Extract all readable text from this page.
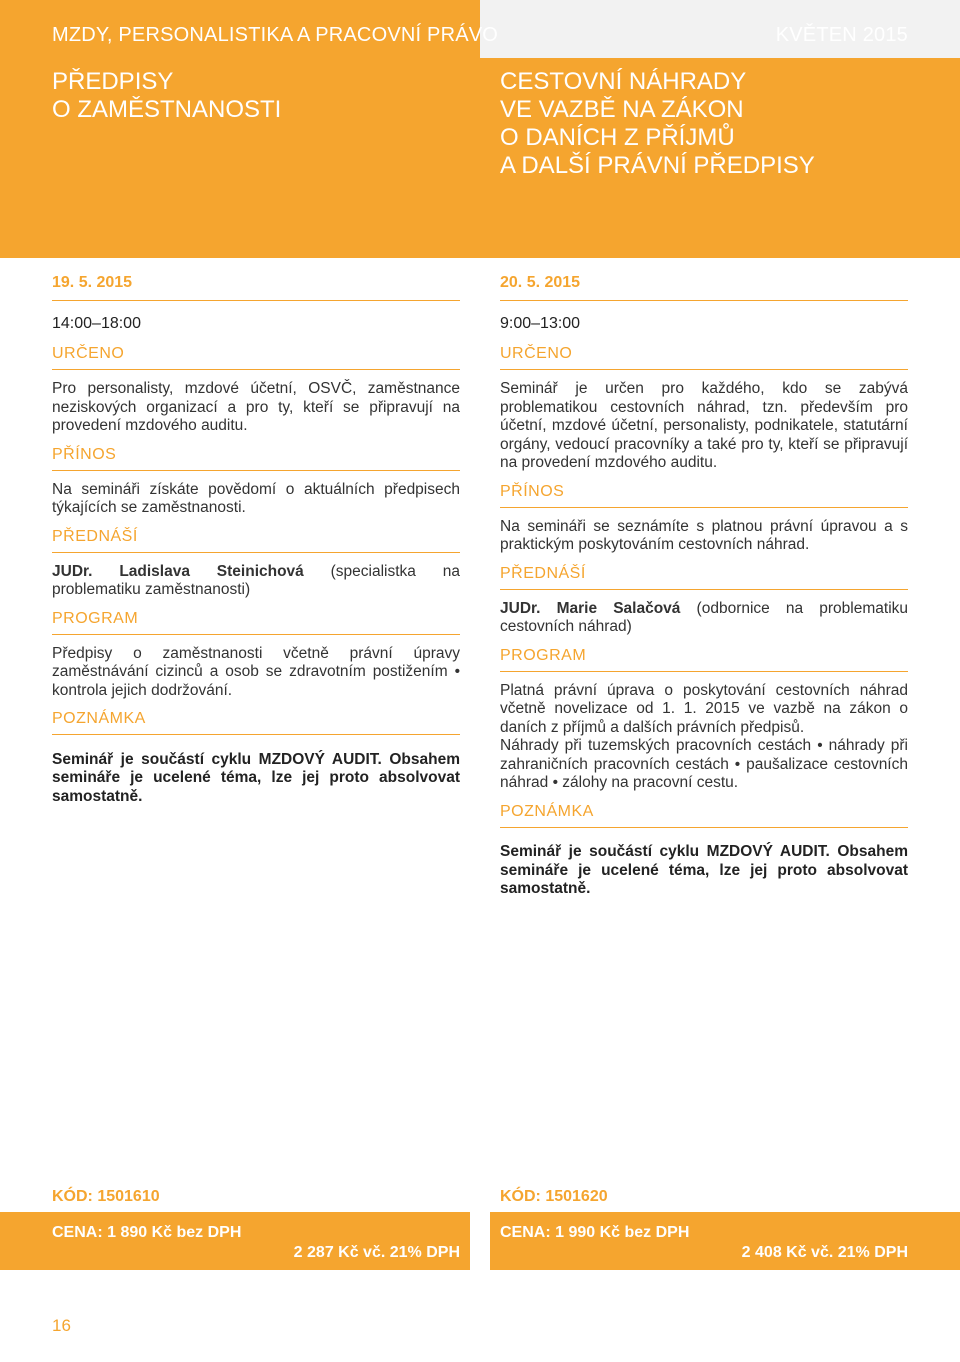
MZDY, PERSONALISTIKA A PRACOVNÍ PRÁVO	KVĚTEN 2015
PŘEDPISY
O ZAMĚSTNANOSTI
CESTOVNÍ NÁHRADY
VE VAZBĚ NA ZÁKON
O DANÍCH Z PŘÍJMŮ
A DALŠÍ PRÁVNÍ PŘEDPISY
19. 5. 2015
14:00–18:00
URČENO

Pro personalisty, mzdové účetní, OSVČ, zaměstnance neziskových organizací a pro ty, kteří se připravují na provedení mzdového auditu.

PŘÍNOS

Na semináři získáte povědomí o aktuálních předpisech týkajících se zaměstnanosti.

PŘEDNÁŠÍ

JUDr. Ladislava Steinichová (specialistka na problematiku zaměstnanosti)

PROGRAM

Předpisy o zaměstnanosti včetně právní úpravy zaměstnávání cizinců a osob se zdravotním postižením • kontrola jejich dodržování.

POZNÁMKA

Seminář je součástí cyklu MZDOVÝ AUDIT. Obsahem semináře je ucelené téma, lze jej proto absolvovat samostatně.

20. 5. 2015
9:00–13:00
URČENO

Seminář je určen pro každého, kdo se zabývá problematikou cestovních náhrad, tzn. především pro účetní, mzdové účetní, personalisty, podnikatele, statutární orgány, vedoucí pracovníky a také pro ty, kteří se připravují na provedení mzdového auditu.

PŘÍNOS

Na semináři se seznámíte s platnou právní úpravou a s praktickým poskytováním cestovních náhrad.

PŘEDNÁŠÍ

JUDr. Marie Salačová (odbornice na problematiku cestovních náhrad)

PROGRAM

Platná právní úprava o poskytování cestovních náhrad včetně novelizace od 1. 1. 2015 ve vazbě na zákon o daních z příjmů a dalších právních předpisů.

Náhrady při tuzemských pracovních cestách • náhrady při zahraničních pracovních cestách • paušalizace cestovních náhrad • zálohy na pracovní cestu.

POZNÁMKA

Seminář je součástí cyklu MZDOVÝ AUDIT. Obsahem semináře je ucelené téma, lze jej proto absolvovat samostatně.

KÓD: 1501610	KÓD: 1501620
CENA: 1 890 Kč bez DPH
2 287 Kč vč. 21% DPH
CENA: 1 990 Kč bez DPH
2 408 Kč vč. 21% DPH
16
